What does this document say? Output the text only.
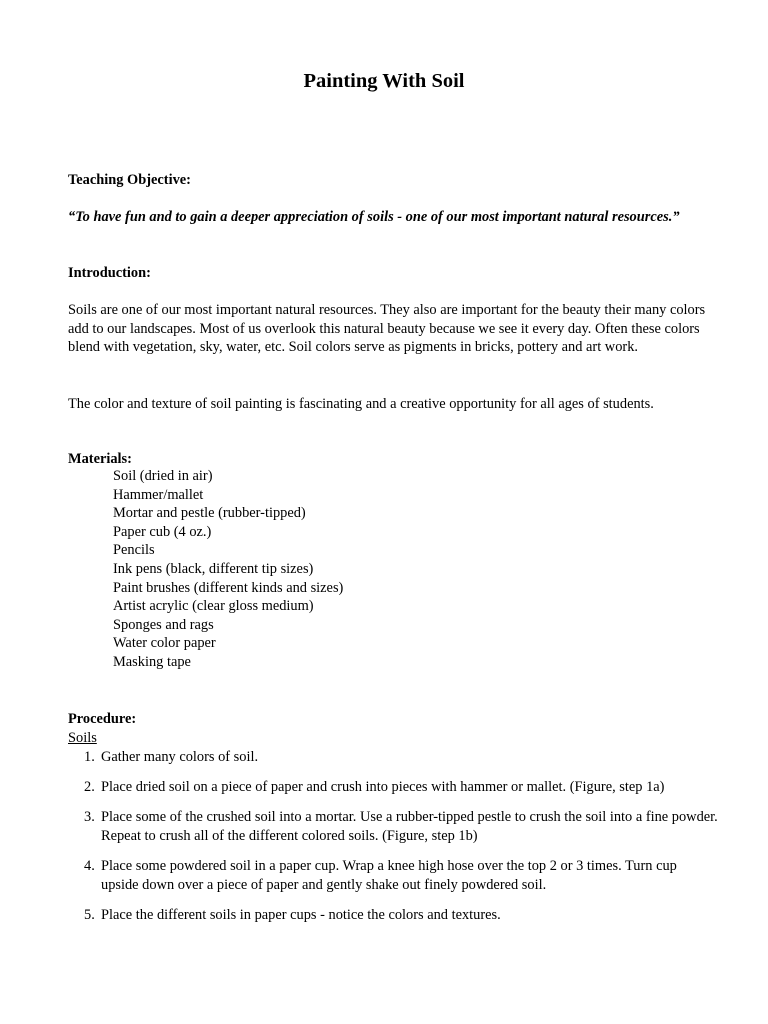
Painting With Soil

Teaching Objective:

“To have fun and to gain a deeper appreciation of soils - one of our most important natural resources.”

Introduction:

Soils are one of our most important natural resources. They also are important for the beauty their many colors add to our landscapes. Most of us overlook this natural beauty because we see it every day. Often these colors blend with vegetation, sky, water, etc. Soil colors serve as pigments in bricks, pottery and art work.

The color and texture of soil painting is fascinating and a creative opportunity for all ages of students.

Materials:

Soil (dried in air)
Hammer/mallet
Mortar and pestle (rubber-tipped)
Paper cub (4 oz.)
Pencils
Ink pens (black, different tip sizes)
Paint brushes (different kinds and sizes)
Artist acrylic (clear gloss medium)
Sponges and rags
Water color paper
Masking tape

Procedure:

Soils

1. Gather many colors of soil.
2. Place dried soil on a piece of paper and crush into pieces with hammer or mallet. (Figure, step 1a)
3. Place some of the crushed soil into a mortar. Use a rubber-tipped pestle to crush the soil into a fine powder. Repeat to crush all of the different colored soils. (Figure, step 1b)
4. Place some powdered soil in a paper cup. Wrap a knee high hose over the top 2 or 3 times. Turn cup upside down over a piece of paper and gently shake out finely powdered soil.
5. Place the different soils in paper cups - notice the colors and textures.
